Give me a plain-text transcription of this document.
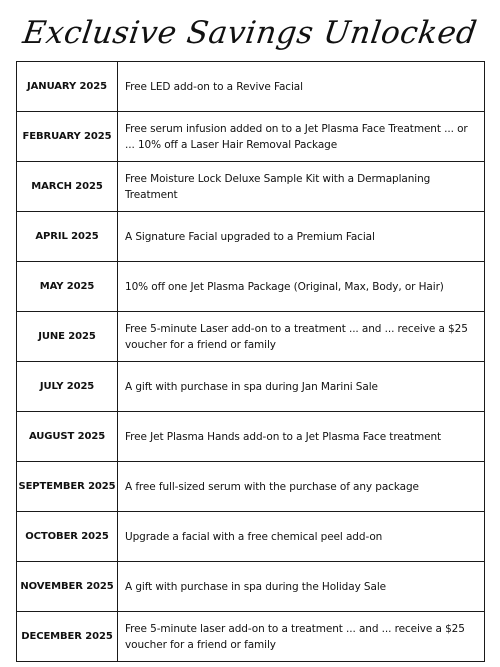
Exclusive Savings Unlocked
JANUARY 2025	Free LED add-on to a Revive Facial
FEBRUARY 2025	Free serum infusion added on to a Jet Plasma Face Treatment ... or ... 10% off a Laser Hair Removal Package
MARCH 2025	Free Moisture Lock Deluxe Sample Kit with a Dermaplaning Treatment
APRIL 2025	A Signature Facial upgraded to a Premium Facial
MAY 2025	10% off one Jet Plasma Package (Original, Max, Body, or Hair)
JUNE 2025	Free 5-minute Laser add-on to a treatment ... and ... receive a $25 voucher for a friend or family
JULY 2025	A gift with purchase in spa during Jan Marini Sale
AUGUST 2025	Free Jet Plasma Hands add-on to a Jet Plasma Face treatment
SEPTEMBER 2025	A free full-sized serum with the purchase of any package
OCTOBER 2025	Upgrade a facial with a free chemical peel add-on
NOVEMBER 2025	A gift with purchase in spa during the Holiday Sale
DECEMBER 2025	Free 5-minute laser add-on to a treatment ... and ... receive a $25 voucher for a friend or family
